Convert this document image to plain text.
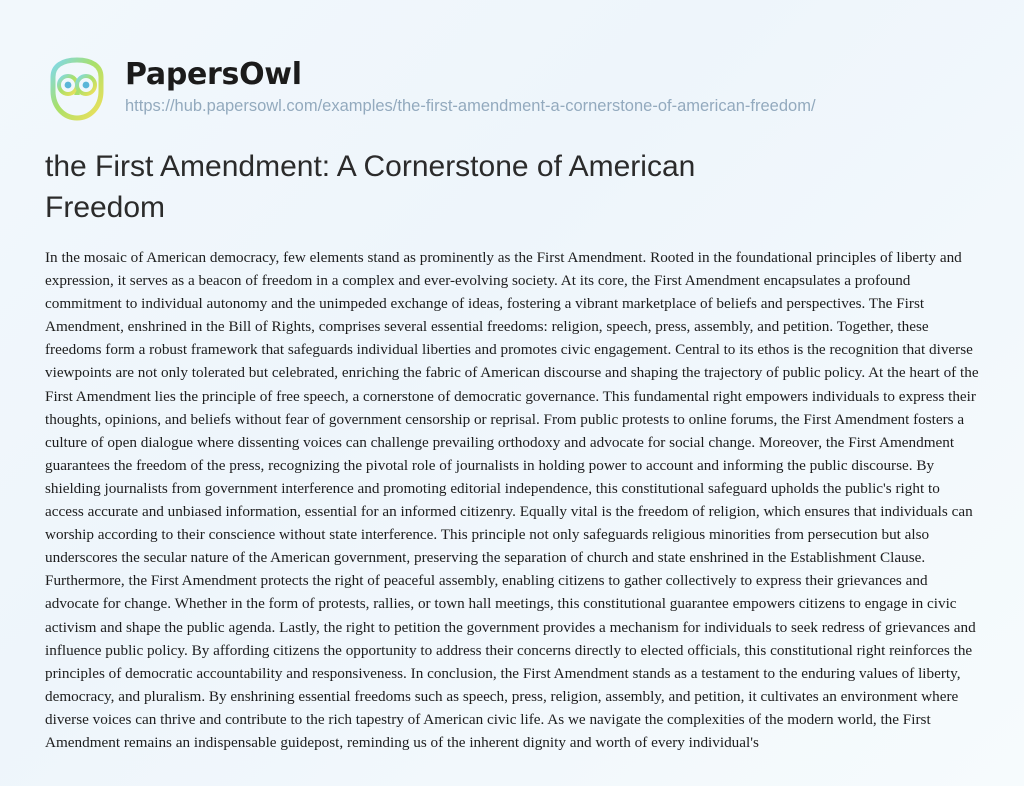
PapersOwl
https://hub.papersowl.com/examples/the-first-amendment-a-cornerstone-of-american-freedom/
the First Amendment: A Cornerstone of American Freedom

In the mosaic of American democracy, few elements stand as prominently as the First Amendment. Rooted in the foundational principles of liberty and expression, it serves as a beacon of freedom in a complex and ever-evolving society. At its core, the First Amendment encapsulates a profound commitment to individual autonomy and the unimpeded exchange of ideas, fostering a vibrant marketplace of beliefs and perspectives. The First Amendment, enshrined in the Bill of Rights, comprises several essential freedoms: religion, speech, press, assembly, and petition. Together, these freedoms form a robust framework that safeguards individual liberties and promotes civic engagement. Central to its ethos is the recognition that diverse viewpoints are not only tolerated but celebrated, enriching the fabric of American discourse and shaping the trajectory of public policy. At the heart of the First Amendment lies the principle of free speech, a cornerstone of democratic governance. This fundamental right empowers individuals to express their thoughts, opinions, and beliefs without fear of government censorship or reprisal. From public protests to online forums, the First Amendment fosters a culture of open dialogue where dissenting voices can challenge prevailing orthodoxy and advocate for social change. Moreover, the First Amendment guarantees the freedom of the press, recognizing the pivotal role of journalists in holding power to account and informing the public discourse. By shielding journalists from government interference and promoting editorial independence, this constitutional safeguard upholds the public's right to access accurate and unbiased information, essential for an informed citizenry. Equally vital is the freedom of religion, which ensures that individuals can worship according to their conscience without state interference. This principle not only safeguards religious minorities from persecution but also underscores the secular nature of the American government, preserving the separation of church and state enshrined in the Establishment Clause. Furthermore, the First Amendment protects the right of peaceful assembly, enabling citizens to gather collectively to express their grievances and advocate for change. Whether in the form of protests, rallies, or town hall meetings, this constitutional guarantee empowers citizens to engage in civic activism and shape the public agenda. Lastly, the right to petition the government provides a mechanism for individuals to seek redress of grievances and influence public policy. By affording citizens the opportunity to address their concerns directly to elected officials, this constitutional right reinforces the principles of democratic accountability and responsiveness. In conclusion, the First Amendment stands as a testament to the enduring values of liberty, democracy, and pluralism. By enshrining essential freedoms such as speech, press, religion, assembly, and petition, it cultivates an environment where diverse voices can thrive and contribute to the rich tapestry of American civic life. As we navigate the complexities of the modern world, the First Amendment remains an indispensable guidepost, reminding us of the inherent dignity and worth of every individual's
